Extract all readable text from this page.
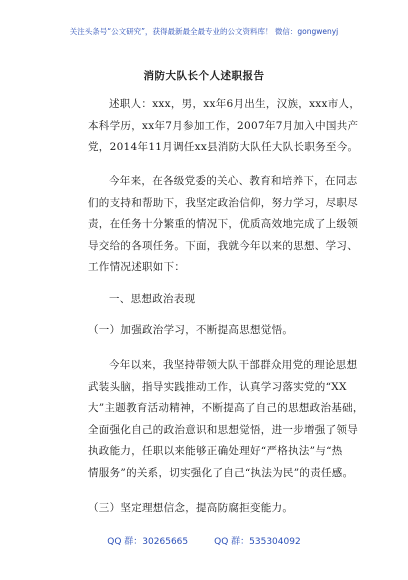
关注头条号“公文研究”，获得最新最全最专业的公文资料库！ 微信：gongwenyj
消防大队长个人述职报告
述职人：xxx，男，xx年6月出生，汉族，xxx市人，
本科学历，xx年7月参加工作，2007年7月加入中国共产
党，2014年11月调任xx县消防大队任大队长职务至今。
今年来，在各级党委的关心、教育和培养下，在同志
们的支持和帮助下，我坚定政治信仰，努力学习，尽职尽
责，在任务十分繁重的情况下，优质高效地完成了上级领
导交给的各项任务。下面，我就今年以来的思想、学习、
工作情况述职如下：
一、思想政治表现
（一）加强政治学习，不断提高思想觉悟。
今年以来，我坚持带领大队干部群众用党的理论思想
武装头脑，指导实践推动工作，认真学习落实党的“XX
大”主题教育活动精神，不断提高了自己的思想政治基础，
全面强化自己的政治意识和思想觉悟，进一步增强了领导
执政能力，任职以来能够正确处理好“严格执法”与“热
情服务”的关系，切实强化了自己“执法为民”的责任感。
（三）坚定理想信念，提高防腐拒变能力。
QQ 群：30265665	QQ 群：535304092
